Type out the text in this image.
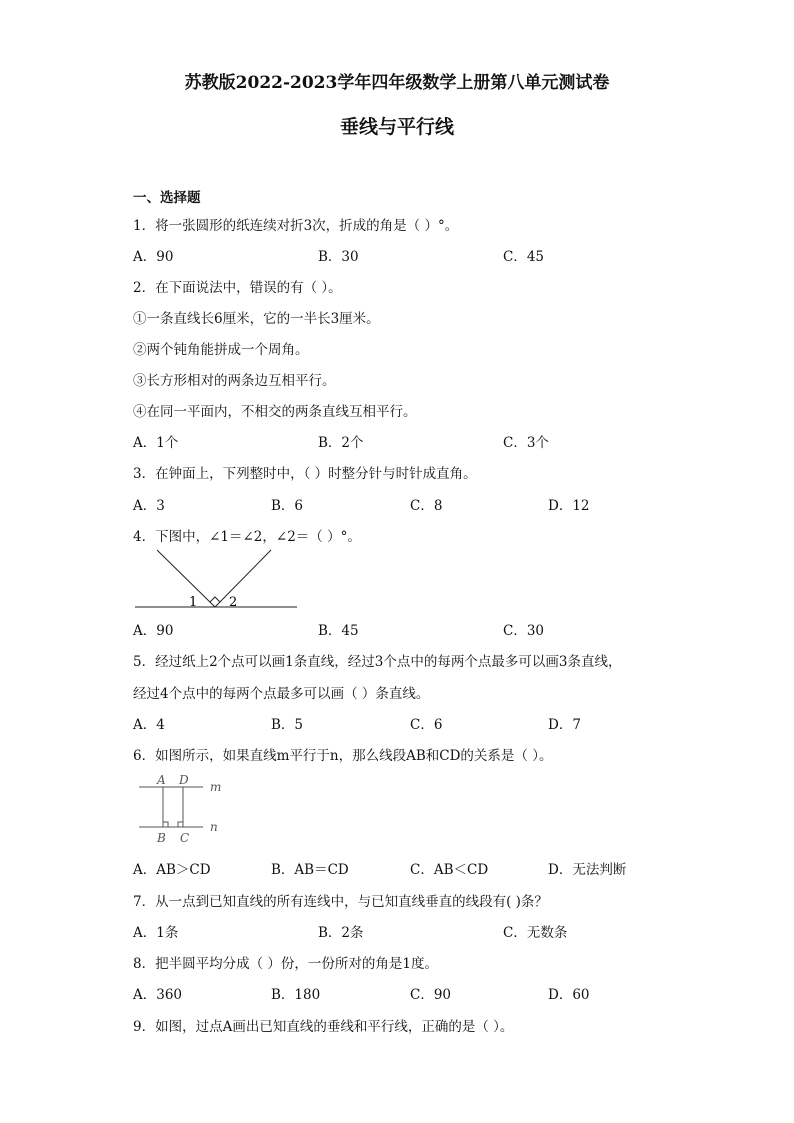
苏教版2022-2023学年四年级数学上册第八单元测试卷
垂线与平行线
一、选择题
1．将一张圆形的纸连续对折3次，折成的角是（ ）°。
A．90	B．30	C．45
2．在下面说法中，错误的有（ ）。
①一条直线长6厘米，它的一半长3厘米。
②两个钝角能拼成一个周角。
③长方形相对的两条边互相平行。
④在同一平面内，不相交的两条直线互相平行。
A．1个	B．2个	C．3个
3．在钟面上，下列整时中，（ ）时整分针与时针成直角。
A．3	B．6	C．8	D．12
4．下图中，∠1＝∠2，∠2＝（ ）°。
1 2
A．90	B．45	C．30
5．经过纸上2个点可以画1条直线，经过3个点中的每两个点最多可以画3条直线，
经过4个点中的每两个点最多可以画（ ）条直线。
A．4	B．5	C．6	D．7
6．如图所示，如果直线m平行于n，那么线段AB和CD的关系是（ ）。
A D m
B C
n
A．AB＞CD	B．AB＝CD	C．AB＜CD	D．无法判断
7．从一点到已知直线的所有连线中，与已知直线垂直的线段有( )条？
A．1条	B．2条	C．无数条
8．把半圆平均分成（ ）份，一份所对的角是1度。
A．360	B．180	C．90	D．60
9．如图，过点A画出已知直线的垂线和平行线，正确的是（ ）。
